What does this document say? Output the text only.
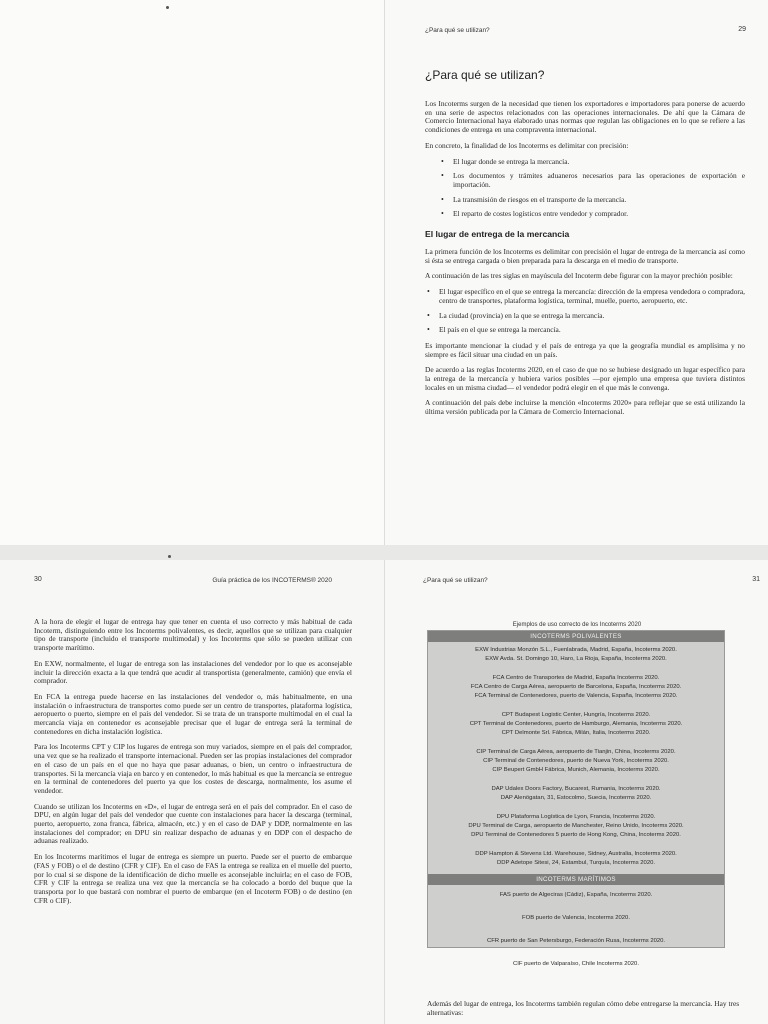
¿Para qué se utilizan?	29
¿Para qué se utilizan?

Los Incoterms surgen de la necesidad que tienen los exportadores e importadores para ponerse de acuerdo en una serie de aspectos relacionados con las operaciones internacionales. De ahí que la Cámara de Comercio Internacional haya elaborado unas normas que regulan las obligaciones en lo que se refiere a las condiciones de entrega en una compraventa internacional.

En concreto, la finalidad de los Incoterms es delimitar con precisión:

• El lugar donde se entrega la mercancía.
• Los documentos y trámites aduaneros necesarios para las operaciones de exportación e importación.
• La transmisión de riesgos en el transporte de la mercancía.
• El reparto de costes logísticos entre vendedor y comprador.
El lugar de entrega de la mercancia

La primera función de los Incoterms es delimitar con precisión el lugar de entrega de la mercancía así como si ésta se entrega cargada o bien preparada para la descarga en el medio de transporte.

A continuación de las tres siglas en mayúscula del Incoterm debe figurar con la mayor prechión posible:

• El lugar específico en el que se entrega la mercancía: dirección de la empresa vendedora o compradora, centro de transportes, plataforma logística, terminal, muelle, puerto, aeropuerto, etc.
• La ciudad (provincia) en la que se entrega la mercancía.
• El país en el que se entrega la mercancía.

Es importante mencionar la ciudad y el país de entrega ya que la geografía mundial es amplísima y no siempre es fácil situar una ciudad en un país.

De acuerdo a las reglas Incoterms 2020, en el caso de que no se hubiese designado un lugar específico para la entrega de la mercancía y hubiera varios posibles —por ejemplo una empresa que tuviera distintos locales en un misma ciudad— el vendedor podrá elegir en el que más le convenga.

A continuación del país debe incluirse la mención «Incoterms 2020» para reflejar que se está utilizando la última versión publicada por la Cámara de Comercio Internacional.

30	Guía práctica de los INCOTERMS® 2020

A la hora de elegir el lugar de entrega hay que tener en cuenta el uso correcto y más habitual de cada Incoterm, distinguiendo entre los Incoterms polivalentes, es decir, aquellos que se utilizan para cualquier tipo de transporte (incluido el transporte multimodal) y los Incoterms que sólo se pueden utilizar con transporte marítimo.

En EXW, normalmente, el lugar de entrega son las instalaciones del vendedor por lo que es aconsejable incluir la dirección exacta a la que tendrá que acudir al transportista (generalmente, camión) que envía el comprador.

En FCA la entrega puede hacerse en las instalaciones del vendedor o, más habitualmente, en una instalación o infraestructura de transportes como puede ser un centro de transportes, plataforma logística, aeropuerto o puerto, siempre en el país del vendedor. Si se trata de un transporte multimodal en el cual la mercancía viaja en contenedor es aconsejable precisar que el lugar de entrega será la terminal de contenedores en dicha instalación logística.

Para los Incoterms CPT y CIP los lugares de entrega son muy variados, siempre en el país del comprador, una vez que se ha realizado el transporte internacional. Pueden ser las propias instalaciones del comprador en el caso de un país en el que no haya que pasar aduanas, o bien, un centro o infraestructura de transportes. Si la mercancía viaja en barco y en contenedor, lo más habitual es que la mercancía se entregue en la terminal de contenedores del puerto ya que los costes de descarga, normalmente, los asume el vendedor.

Cuando se utilizan los Incoterms en «D», el lugar de entrega será en el país del comprador. En el caso de DPU, en algún lugar del país del vendedor que cuente con instalaciones para hacer la descarga (terminal, puerto, aeropuerto, zona franca, fábrica, almacén, etc.) y en el caso de DAP y DDP, normalmente en las instalaciones del comprador; en DPU sin realizar despacho de aduanas y en DDP con el despacho de aduanas realizado.

En los Incoterms marítimos el lugar de entrega es siempre un puerto. Puede ser el puerto de embarque (FAS y FOB) o el de destino (CFR y CIF). En el caso de FAS la entrega se realiza en el muelle del puerto, por lo cual si se dispone de la identificación de dicho muelle es aconsejable incluirla; en el caso de FOB, CFR y CIF la entrega se realiza una vez que la mercancía se ha colocado a bordo del buque que la transporta por lo que bastará con nombrar el puerto de embarque (en el Incoterm FOB) o de destino (en CFR o CIF).

¿Para qué se utilizan?	31
Ejemplos de uso correcto de los Incoterms 2020
INCOTERMS POLIVALENTES
EXW Industrias Monzón S.L., Fuenlabrada, Madrid, España, Incoterms 2020.
EXW Avda. St. Domingo 10, Haro, La Rioja, España, Incoterms 2020.
FCA Centro de Transportes de Madrid, España Incoterms 2020.
FCA Centro de Carga Aérea, aeropuerto de Barcelona, España, Incoterms 2020.
FCA Terminal de Contenedores, puerto de Valencia, España, Incoterms 2020.
CPT Budapest Logistic Center, Hungría, Incoterms 2020.
CPT Terminal de Contenedores, puerto de Hamburgo, Alemania, Incoterms 2020.
CPT Delmonte Srl. Fábrica, Milán, Italia, Incoterms 2020.
CIP Terminal de Carga Aérea, aeropuerto de Tianjin, China, Incoterms 2020.
CIP Terminal de Contenedores, puerto de Nueva York, Incoterms 2020.
CIP Beupert GmbH Fábrica, Munich, Alemania, Incoterms 2020.
DAP Udalex Doors Factory, Bucarest, Rumania, Incoterms 2020.
DAP Alenögatan, 31, Estocolmo, Suecia, Incoterms 2020.
DPU Plataforma Logística de Lyon, Francia, Incoterms 2020.
DPU Terminal de Carga, aeropuerto de Manchester, Reino Unido, Incoterms 2020.
DPU Terminal de Contenedores 5 puerto de Hong Kong, China, Incoterms 2020.
DDP Hampton & Stevens Ltd. Warehouse, Sidney, Australia, Incoterms 2020.
DDP Adetope Sitesi, 24, Estambul, Turquía, Incoterms 2020.
INCOTERMS MARÍTIMOS
FAS puerto de Algeciras (Cádiz), España, Incoterms 2020.
FOB puerto de Valencia, Incoterms 2020.
CFR puerto de San Petersburgo, Federación Rusa, Incoterms 2020.
CIF puerto de Valparaíso, Chile Incoterms 2020.
Además del lugar de entrega, los Incoterms también regulan cómo debe entregarse la mercancía. Hay tres alternativas:
